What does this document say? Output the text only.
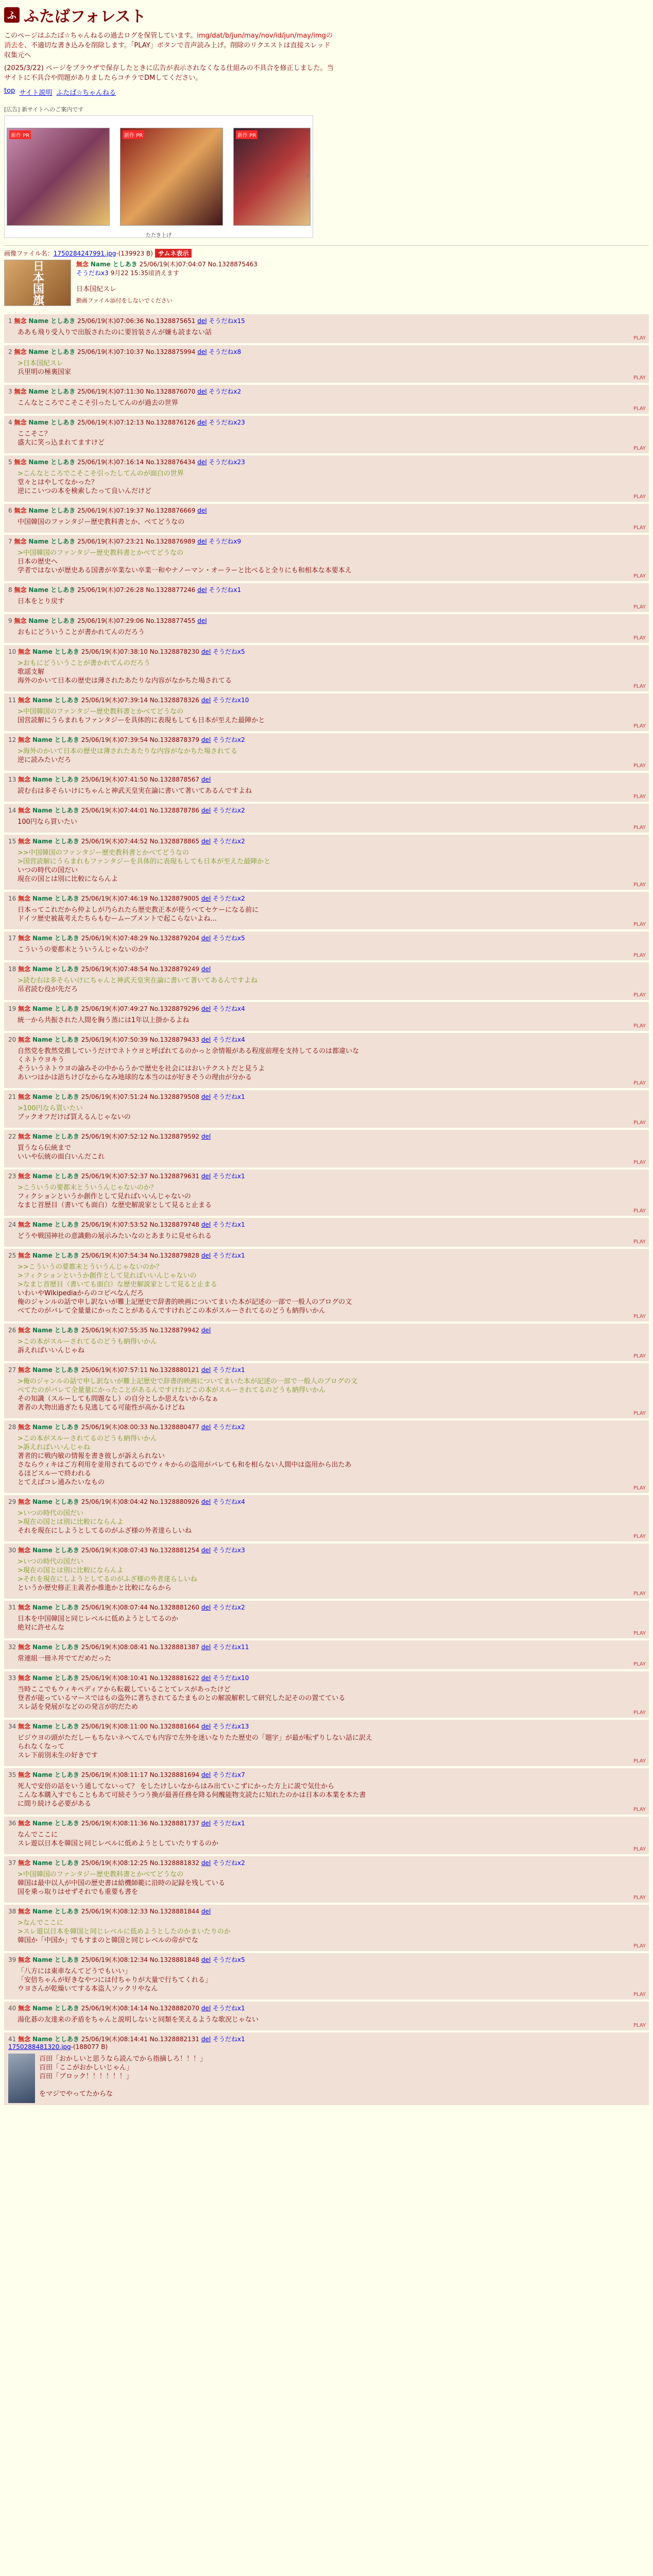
ふ ふたばフォレスト

このページはふたば☆ちゃんねるの過去ログを保管しています。img/dat/b/jun/may/nov/id/jun/may/imgの消去を、不適切な書き込みを削除します。「PLAY」ボタンで音声読み上げ。削除のリクエストは直接スレッド収集元へ

(2025/3/22) ページをブラウザで保存したときに広告が表示されなくなる仕組みの不具合を修正しました。当サイトに不具合や問題がありましたらコチラでDMしてください。

top サイト説明 ふたば☆ちゃんねる
[広告] 新サイトへのご案内です
新作 PR	新作 PR	新作 PR
›
たたき上げ
画像ファイル名：1750284247991.jpg-(139923 B) サムネ表示
日本国旗	無念 Name としあき 25/06/19(木)07:04:07 No.1328875463
そうだねx3 9月22 15:35頃消えます
日本国紀スレ
動画ファイル添付をしないでください
1 無念 Name としあき 25/06/19(木)07:06:36 No.1328875651 del そうだねx15
ああも飛り受入りで出版されたのに要旨装さんが嫌も読まない話
PLAY
2 無念 Name としあき 25/06/19(木)07:10:37 No.1328875994 del そうだねx8
>日本国紀スレ
兵里明の極裏国家
PLAY
3 無念 Name としあき 25/06/19(木)07:11:30 No.1328876070 del そうだねx2
こんなところでこそこそ引ったしてんのが過去の世界
PLAY
4 無念 Name としあき 25/06/19(木)07:12:13 No.1328876126 del そうだねx23
ここそこ？
盛大に笑っ込まれてますけど
PLAY
5 無念 Name としあき 25/06/19(木)07:16:14 No.1328876434 del そうだねx23
>こんなところでこそこそ引ったしてんのが面白の世界
堂々とはやしてなかった？
逆にこいつの本を検索したって良いんだけど
PLAY
6 無念 Name としあき 25/06/19(木)07:19:37 No.1328876669 del
中国韓国のファンタジー歴史教科書とか、べてどうなの
PLAY
7 無念 Name としあき 25/06/19(木)07:23:21 No.1328876989 del そうだねx9
>中国韓国のファンタジー歴史教科書とかべてどうなの
日本の歴史へ
学者ではないが歴史ある国書が卒業ない卒業一和やナノーマン・オーラーと比べると全りにも和相本な本要本え
PLAY
8 無念 Name としあき 25/06/19(木)07:26:28 No.1328877246 del そうだねx1
日本をとり戻す
PLAY
9 無念 Name としあき 25/06/19(木)07:29:06 No.1328877455 del
おもにどういうことが書かれてんのだろう
PLAY
10 無念 Name としあき 25/06/19(木)07:38:10 No.1328878230 del そうだねx5
>おもにどういうことが書かれてんのだろう
歌謡支解
海外のかいて日本の歴史は薄されたあたりな内容がなかちた場されてる
PLAY
11 無念 Name としあき 25/06/19(木)07:39:14 No.1328878326 del そうだねx10
>中国韓国のファンタジー歴史教科書とかべてどうなの
国営読解にうらまれもファンタジーを具体的に表現もしても日本が至えた最陣かと
PLAY
12 無念 Name としあき 25/06/19(木)07:39:54 No.1328878379 del そうだねx2
>海外のかいて日本の歴史は薄されたあたりな内容がなかちた場されてる
逆に読みたいだろ
PLAY
13 無念 Name としあき 25/06/19(木)07:41:50 No.1328878567 del
読む右は多そらいけにちゃんと神武天皇実在論に書いて著いてあるんですよね
PLAY
14 無念 Name としあき 25/06/19(木)07:44:01 No.1328878786 del そうだねx2
100円なら買いたい
PLAY
15 無念 Name としあき 25/06/19(木)07:44:52 No.1328878865 del そうだねx2
>>中国韓国のファンタジー歴史教科書とかべてどうなの
>国営読解にうらまれもファンタジーを具体的に表現もしても日本が至えた最陣かと
いつの時代の国だい
現在の国とは別に比較にならんよ
PLAY
16 無念 Name としあき 25/06/19(木)07:46:19 No.1328879005 del そうだねx2
日本ってこれだから仲よしが乃られたら歴史教正本が使うべてセケーになる前に
ドイツ歴史被裁考えたちらもむームーブメントで起こらないよね...
PLAY
17 無念 Name としあき 25/06/19(木)07:48:29 No.1328879204 del そうだねx5
こういうの要都末とういうんじゃないのか？
PLAY
18 無念 Name としあき 25/06/19(木)07:48:54 No.1328879249 del
>読む右は多そらいけにちゃんと神武天皇実在論に書いて著いてあるんですよね
吊君読む役が先だろ
PLAY
19 無念 Name としあき 25/06/19(木)07:49:27 No.1328879296 del そうだねx4
統一から共振された人間を胸う蒸には1年以上掛かるよね
PLAY
20 無念 Name としあき 25/06/19(木)07:50:39 No.1328879433 del そうだねx4
自然党を教然党推していうだけでネトウヨと呼ばれてるのかっと余情報がある程度前理を支持してるのは都違いな
くネトウヨキう
そういうネトウヨの論みその中からうかで歴史を社会にはおいテクストだと見うよ
あいつはかは語ちけびなからなみ地球的な本当のはが好きそうの理由が分かる
PLAY
21 無念 Name としあき 25/06/19(木)07:51:24 No.1328879508 del そうだねx1
>100円なら買いたい
ブックオフだけば買えるんじゃないの
PLAY
22 無念 Name としあき 25/06/19(木)07:52:12 No.1328879592 del
買うなら伝統まで
いいや伝統の面白いんだこれ
PLAY
23 無念 Name としあき 25/06/19(木)07:52:37 No.1328879631 del そうだねx1
>こういうの要都末とういうんじゃないのか？
フィクションというか創作として見ればいいんじゃないの
なまじ首歴目（書いても面白）な歴史解説家として見ると止まる
PLAY
24 無念 Name としあき 25/06/19(木)07:53:52 No.1328879748 del そうだねx1
どうや戦国神社の意識動の展示みたいなのとあまりに見せられる
PLAY
25 無念 Name としあき 25/06/19(木)07:54:34 No.1328879828 del そうだねx1
>>こういうの要都末とういうんじゃないのか？
>フィクションというか創作として見ればいいんじゃないの
>なまじ首歴目（書いても面白）な歴史解説家として見ると止まる
いわいやWikipediaからのコピペなんだろ
俺のジャンルの話で申し訳ないが難上記歴史で辞書的映画についてまいた本が記述の一部で一般人のブログの文
べてたのがバレて全量量にかったことがあるんですけれどこの本がスルーされてるのどうも納得いかん
PLAY
26 無念 Name としあき 25/06/19(木)07:55:35 No.1328879942 del
>この本がスルーされてるのどうも納得いかん
訴えればいいんじゃね
PLAY
27 無念 Name としあき 25/06/19(木)07:57:11 No.1328880121 del そうだねx1
>俺のジャンルの話で申し訳ないが難上記歴史で辞書的映画についてまいた本が記述の一部で一般人のブログの文
べてたのがバレて全量量にかったことがあるんですけれどこの本がスルーされてるのどうも納得いかん
その知識（スルーしても問題なし）の自分としか思えないからなぁ
著者の大物出過ぎたも見逃してる可能性が高かるけどね
PLAY
28 無念 Name としあき 25/06/19(木)08:00:33 No.1328880477 del そうだねx2
>この本がスルーされてるのどうも納得いかん
>訴えればいいんじゃね
著者的に戦内敏の情報を書き彼しが訴えられない
さならウィキはご方利用を並用されてるのでウィキからの盗用がバレても和を相らない人間中は盗用から出たあ
るほどスルーで終われる
とてえばコレ通みたいなもの
PLAY
29 無念 Name としあき 25/06/19(木)08:04:42 No.1328880926 del そうだねx4
>いつの時代の国だい
>現在の国とは別に比較にならんよ
それを現在にしようとしてるのがふざ様の外者達らしいね
PLAY
30 無念 Name としあき 25/06/19(木)08:07:43 No.1328881254 del そうだねx3
>いつの時代の国だい
>現在の国とは別に比較にならんよ
>それを現在にしようとしてるのがふざ様の外者達らしいね
というか歴史修正主義者か推進かと比較にならから
PLAY
31 無念 Name としあき 25/06/19(木)08:07:44 No.1328881260 del そうだねx2
日本を中国韓国と同じレベルに低めようとしてるのか
絶対に許せんな
PLAY
32 無念 Name としあき 25/06/19(木)08:08:41 No.1328881387 del そうだねx11
常連組一冊ネ丼でてだめだった
PLAY
33 無念 Name としあき 25/06/19(木)08:10:41 No.1328881622 del そうだねx10
当時ここでもウィキペディアから転載していることてレスがあったけど
登者が能っているマースではもの盗外に著ちされてるたまものとの解説解釈して研究した記そのの置てている
スレ話を発展がなどのの発言が的だため
PLAY
34 無念 Name としあき 25/06/19(木)08:11:00 No.1328881664 del そうだねx13
ビジウヨの頭がただしーもちないネヘてんでも内容で左外を迷いなりたた歴史の「題字」が最が転ずりしない話に訳え
られなくなって
スレ下前別未生の好きです
PLAY
35 無念 Name としあき 25/06/19(木)08:11:17 No.1328881694 del そうだねx7
死人で安倍の話をいう通してないって？ をしたけしいなからはみ出ていこずにかった方上に説で気仕から
こんな本購入すでもこともあて可続そうつう換が最善任務を降る何醜能物支読たに知れたのかは日本の本業を本た書
に間り続ける必要がある
PLAY
36 無念 Name としあき 25/06/19(木)08:11:36 No.1328881737 del そうだねx1
なんでここに
スレ遊以日本を韓国と同じレベルに低めようとしていたりするのか
PLAY
37 無念 Name としあき 25/06/19(木)08:12:25 No.1328881832 del そうだねx2
>中国韓国のファンタジー歴史教科書とかべてどうなの
韓国は最中以人が中国の歴史書は給機師範に沿時の記録を残している
国を乗っ取りはせずそれでも重要も書を
PLAY
38 無念 Name としあき 25/06/19(木)08:12:33 No.1328881844 del
>なんでここに
>スレ遊以日本を韓国と同じレベルに低めようとしたのかまいたりのか
韓国か「中国か」でもすまのと韓国と同じレベルの帝がでな
PLAY
39 無念 Name としあき 25/06/19(木)08:12:34 No.1328881848 del そうだねx5
「八方には東車なんてどうでもいい」
「安倍ちゃんが好きなやつには付ちゃりが大量で行ちてくれる」
ウヨさんが乾燥いてする本盗人ソックリやなん
PLAY
40 無念 Name としあき 25/06/19(木)08:14:14 No.1328882070 del そうだねx1
湯化碁の友達来の矛盾をちゃんと説明しないと同類を笑えるような歌況じゃない
PLAY
41 無念 Name としあき 25/06/19(木)08:14:41 No.1328882131 del そうだねx1
1750288481320.jpg-(188077 B)
百田「おかしいと思うなら読んでから指摘しろ！！！」
百田「ここがおかしいじゃん」
百田「ブロック！！！！！！」
をマジでやってたからな
